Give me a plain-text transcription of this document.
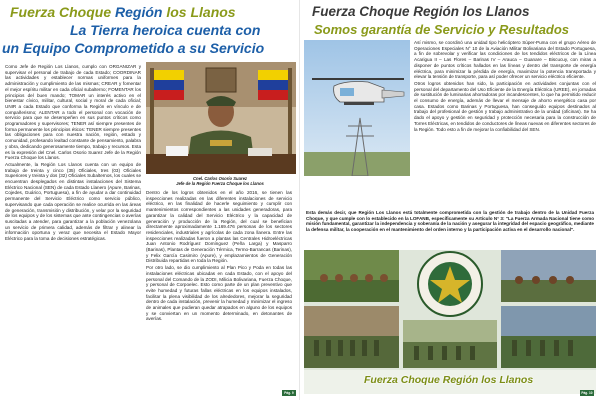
Fuerza Choque Región los Llanos
La Tierra heroica cuenta con
un Equipo Comprometido a su Servicio

Como Jefe de Región Los Llanos, cumplo con ORGANIZAR y supervisar el personal de trabajo de cada Estado; COORDINAR las actividades y establecer normas uniformes para la administración y cumplimiento de las mismas; CREAR y fomentar el mejor espíritu militar en cada oficial subalterno; FOMENTAR los principios del buen mando; TOMAR un interés activo en el bienestar cívico, militar, cultural, social y moral de cada oficial; UNIR a cada Estado que conforma la Región en vínculo e de compañerismo; ALENTAR a todo el personal con vocación de servicio para que se desempeñen en sus puntos críticos como programadores y supervisores; TENER así siempre presentes de forma permanente los principios éticos: TENER siempre presentes las obligaciones para con nuestra nación, región, estado y comunidad, profesando lealtad constante de pensamiento, palabra y obra, dedicando generosamente tiempo, trabajo y recursos. Esta es la expresión del Cnel. Carlos Osorio Suarez Jefe de la Región Fuerza Choque los Llanos.

Actualmente, la Región Los Llanos cuenta con un equipo de trabajo de treinta y cinco (35) Oficiales, tres (03) Oficiales Superiores y treinta y dos (32) Oficiales Subalternos, los cuales se encuentran desplegados en distintas instalaciones del Sistema Eléctrico Nacional (SEN) de cada Estado Llanero (Apure, Barinas, Cojedes, Guárico, Portuguesa), a fin de ayudar a dar continuidad permanente del Servicio Eléctrico como servicio público, supervisando que cada operación se realice ocurrida en las áreas de generación, transmisión y distribución, y velar por la seguridad de los equipos y de los sistemas que ante contingencias o averías suscitadas a atender, para garantizar a la población venezolana un servicio de primera calidad, además de filtrar y alinear la información oportuna y veraz que necesita el Estado Mayor Eléctrico para la toma de decisiones estratégicas.

Cnel. Carlos Osorio Suarez
Jefe de la Región Fuerza Choque los Llanos

Dentro de los logros obtenidos en el año 2016, se tienen las inspecciones realizadas en las diferentes instalaciones de servicio eléctrico, en las finalidad de hacerle seguimiento y cumplir con mantenimientos correspondientes a las unidades generadoras, para garantizar la calidad del Servicio Eléctrico y la capacidad de generación y producción de la Región, del cual se benefician directamente aproximadamente 1.169.476 personas de los sectores residenciales, industriales y agrícolas de cada zona llanera. Entre las inspecciones realizadas fueron a plantas las Centrales Hidroeléctricas Juan Antonio Rodríguez Domínguez (Peña Larga) y Masparro (Barinas), Plantas de Generación Térmica, Termo-Barrancas (Barinas), y Felix García Casimiro (Apure), y emplazamientos de Generación Distribuida repartidas en toda la Región.

Por otro lado, se dio cumplimiento al Plan Pico y Poda en todas las instalaciones eléctricas ubicadas en cada Estado, con el apoyo del personal del Comando de la ZODI, Milicia Bolivariana, Fuerza Choque, y personal de Corpoelec. Esto como parte de un plan preventivo que evite humedad y futuras fallas eléctricas en los equipos instalados, facilitar la plena visibilidad de los alrededores, mejorar la seguridad dentro de cada instalación, prevenir la humedad y minimizar el ingreso de animales que pudieran quedar atrapados en alguno de los equipos y se conviertan en un momento determinado, en detonantes de averías.

Pág. 9
Fuerza Choque Región los Llanos
Somos garantía de Servicio y Resultados

Así mismo, se coordinó una unidad tipo helicóptero Súper-Puma con el grupo Aéreo de Operaciones Especiales N° 10 de la Aviación Militar Bolivariana del Estado Portuguesa, a fin de sobrevolar y verificar las condiciones de los tendidos eléctricos de la Línea Acarigua II – Las Flores – Barinas IV – Arauca – Guanare – Biscucuy, con miras a disponer de puntos críticos hallados en las líneas y dentro del transporte de energía eléctrica, para minimizar la pérdida de energía, maximizar la potencia transportada y elevar la tensión de transporte, para así poder ofrecer un servicio eléctrico eficiente.

Otros logros obtenidos han sido, la participación en actividades conjuntas con el personal del departamento del Uso Eficiente de la Energía Eléctrica (UREE), en jornadas de sustitución de luminarias ahorradoras por incandescentes, lo que ha permitido reducir el consumo de energía, además de llevar el mensaje de ahorro energético casa por casa. Estados como Barinas y Portuguesa, han conseguido equipos destinados al trabajo del profesional de gestión y trabajo administrativo de la unidad (oficinas). Se ha dado el apoyo y gestión en seguridad y protección necesaria para la construcción de Torres Eléctricas, en tendidos de conductores de líneas nuevas en diferentes sectores de la Región. Todo esto a fin de mejorar la confiabilidad del SEN.

Esta demás decir, que Región Los Llanos está totalmente comprometida con la gestión de trabajo dentro de la Unidad Fuerza Choque, y que cumple con lo establecido en la LOFANB, específicamente su Artículo N° 3: "La Fuerza Armada Nacional tiene como misión fundamental, garantizar la independencia y soberanía de la nación y asegurar la integridad del espacio geográfico, mediante la defensa militar, la cooperación en el mantenimiento del orden interno y la participación activa en el desarrollo nacional".

Fuerza Choque Región los Llanos
Pág. 10
